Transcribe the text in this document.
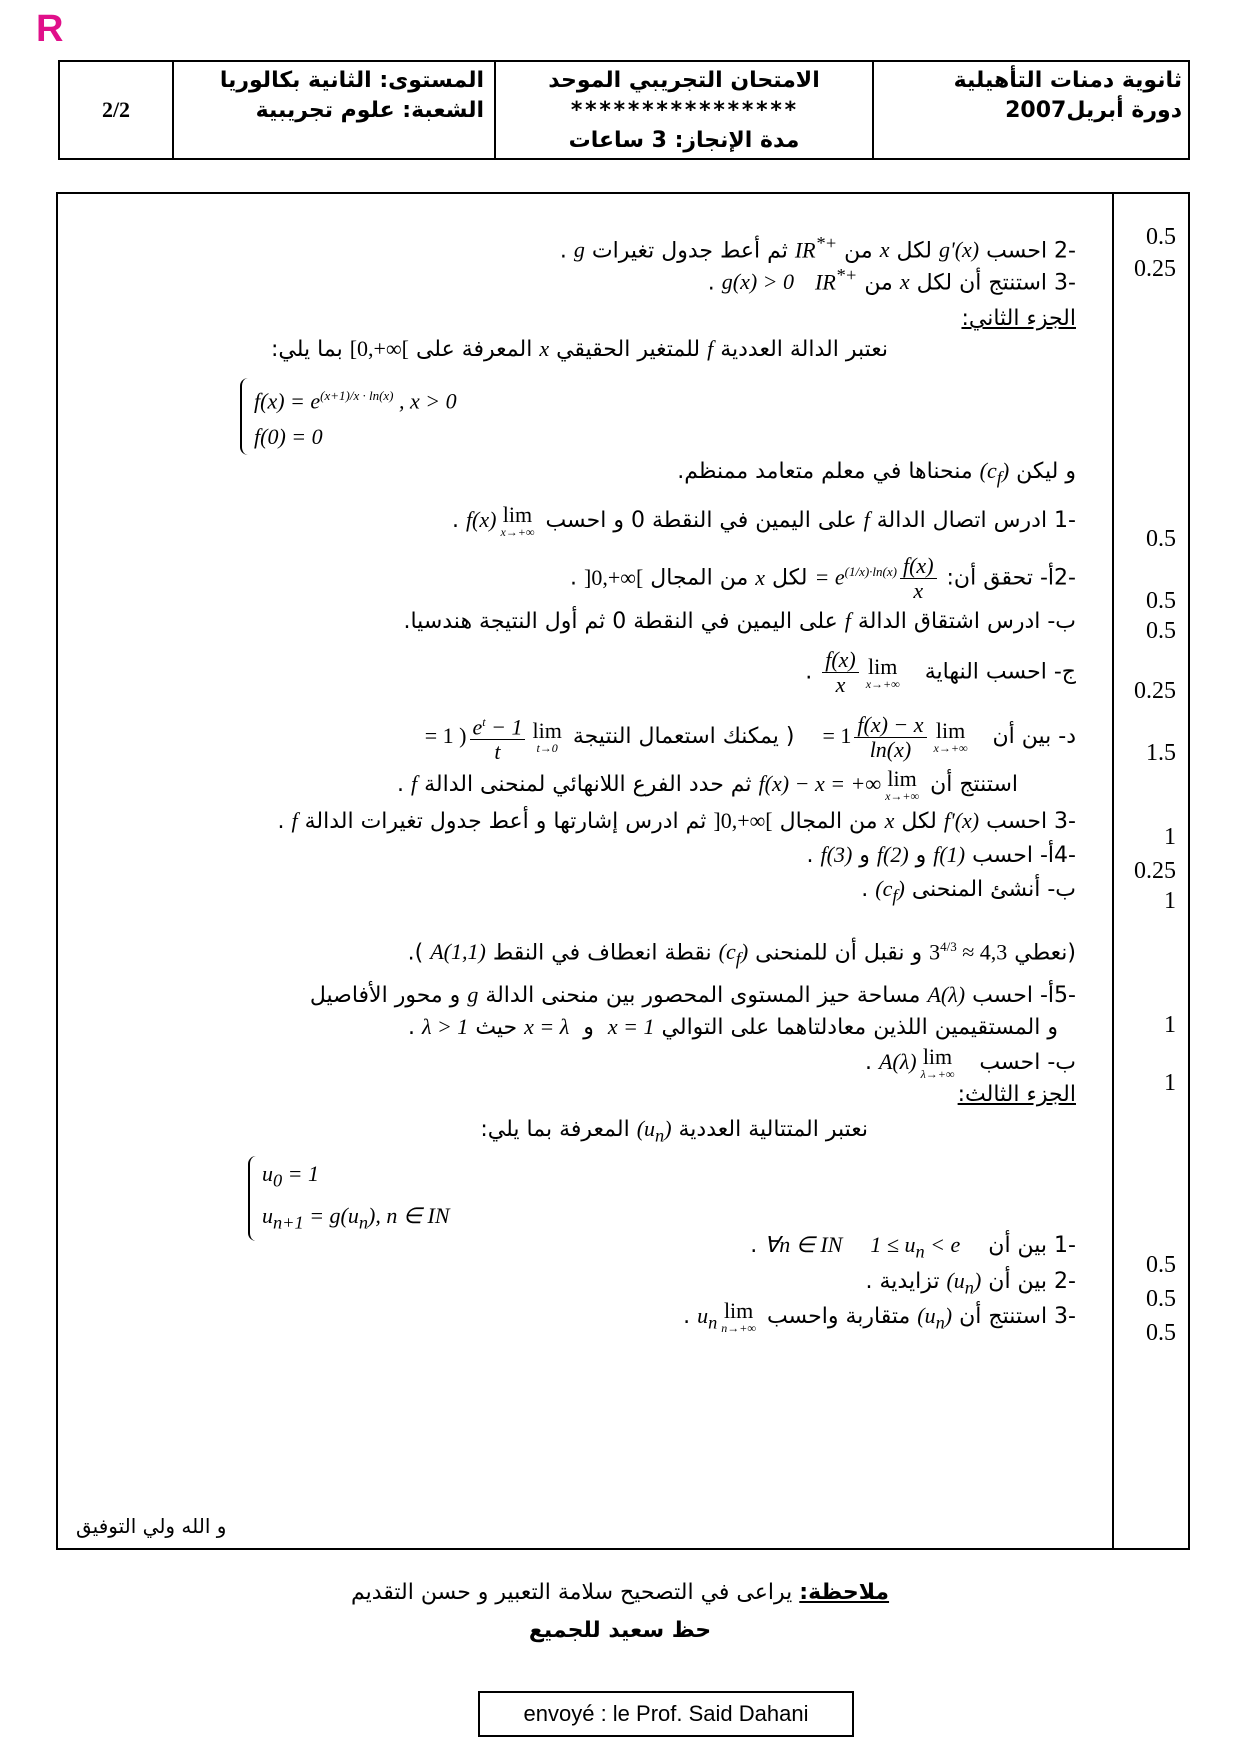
R
2/2
المستوى: الثانية بكالوريا
الشعبة: علوم تجريبية
الامتحان التجريبي الموحد
****************
مدة الإنجاز: 3 ساعات
ثانوية دمنات التأهيلية
دورة أبريل2007
0.5
0.25
0.5
0.5
0.5
0.25
1.5
1
0.25
1
1
1
0.5
0.5
0.5
-2 احسب g'(x) لكل x من IR*+ ثم أعط جدول تغيرات g .
-3 استنتج أن لكل x من IR*+   g(x) > 0 .
الجزء الثاني:
نعتبر الدالة العددية f للمتغير الحقيقي x المعرفة على [0,+∞[ بما يلي:
$f(x) = e^{(x+1)/x \cdot ln(x)}$ , x > 0
f(0) = 0
و ليكن $(c_f)$ منحناها في معلم متعامد ممنظم.
-1 ادرس اتصال الدالة f على اليمين في النقطة 0 و احسب
lim
x→+∞
f(x) .
-2أ- تحقق أن:
$\frac{f(x)}{x}$
= $e^{(1/x)\cdot ln(x)}$ لكل x من المجال ]0,+∞[ .
ب- ادرس اشتقاق الدالة f على اليمين في النقطة 0 ثم أول النتيجة هندسيا.
ج- احسب النهاية
lim
x→+∞
$\frac{f(x)}{x}$
.
د- بين أن
lim
x→+∞
$\frac{f(x) - x}{\ln(x)}$
= 1    ( يمكنك استعمال النتيجة
lim
t→0
$\frac{e^t - 1}{t}$
= 1 )
استنتج أن
lim
x→+∞
f(x) − x = +∞ ثم حدد الفرع اللانهائي لمنحنى الدالة f .
-3 احسب f'(x) لكل x من المجال ]0,+∞[ ثم ادرس إشارتها و أعط جدول تغيرات الدالة f .
-4أ- احسب f(1) و f(2) و f(3) .
ب- أنشئ المنحنى $(c_f)$ .
(نعطي $3^{4/3} \approx 4,3$ و نقبل أن للمنحنى $(c_f)$ نقطة انعطاف في النقط A(1,1) ).
-5أ- احسب A(λ) مساحة حيز المستوى المحصور بين منحنى الدالة g و محور الأفاصيل
و المستقيمين اللذين معادلتاهما على التوالي x = 1  و  x = λ حيث λ > 1 .
ب- احسب
lim
λ→+∞
A(λ) .
الجزء الثالث:
نعتبر المتتالية العددية $(u_n)$ المعرفة بما يلي:
$u_0 = 1$
$u_{n+1} = g(u_n)$, n ∈ IN
-1 بين أن    $1 \le u_n < e$    ∀n ∈ IN .
-2 بين أن $(u_n)$ تزايدية .
-3 استنتج أن $(u_n)$ متقاربة واحسب
lim
n→+∞
$u_n$ .
و الله ولي التوفيق
ملاحظة: يراعى في التصحيح سلامة التعبير و حسن التقديم
حظ سعيد للجميع
envoyé : le Prof. Said Dahani
